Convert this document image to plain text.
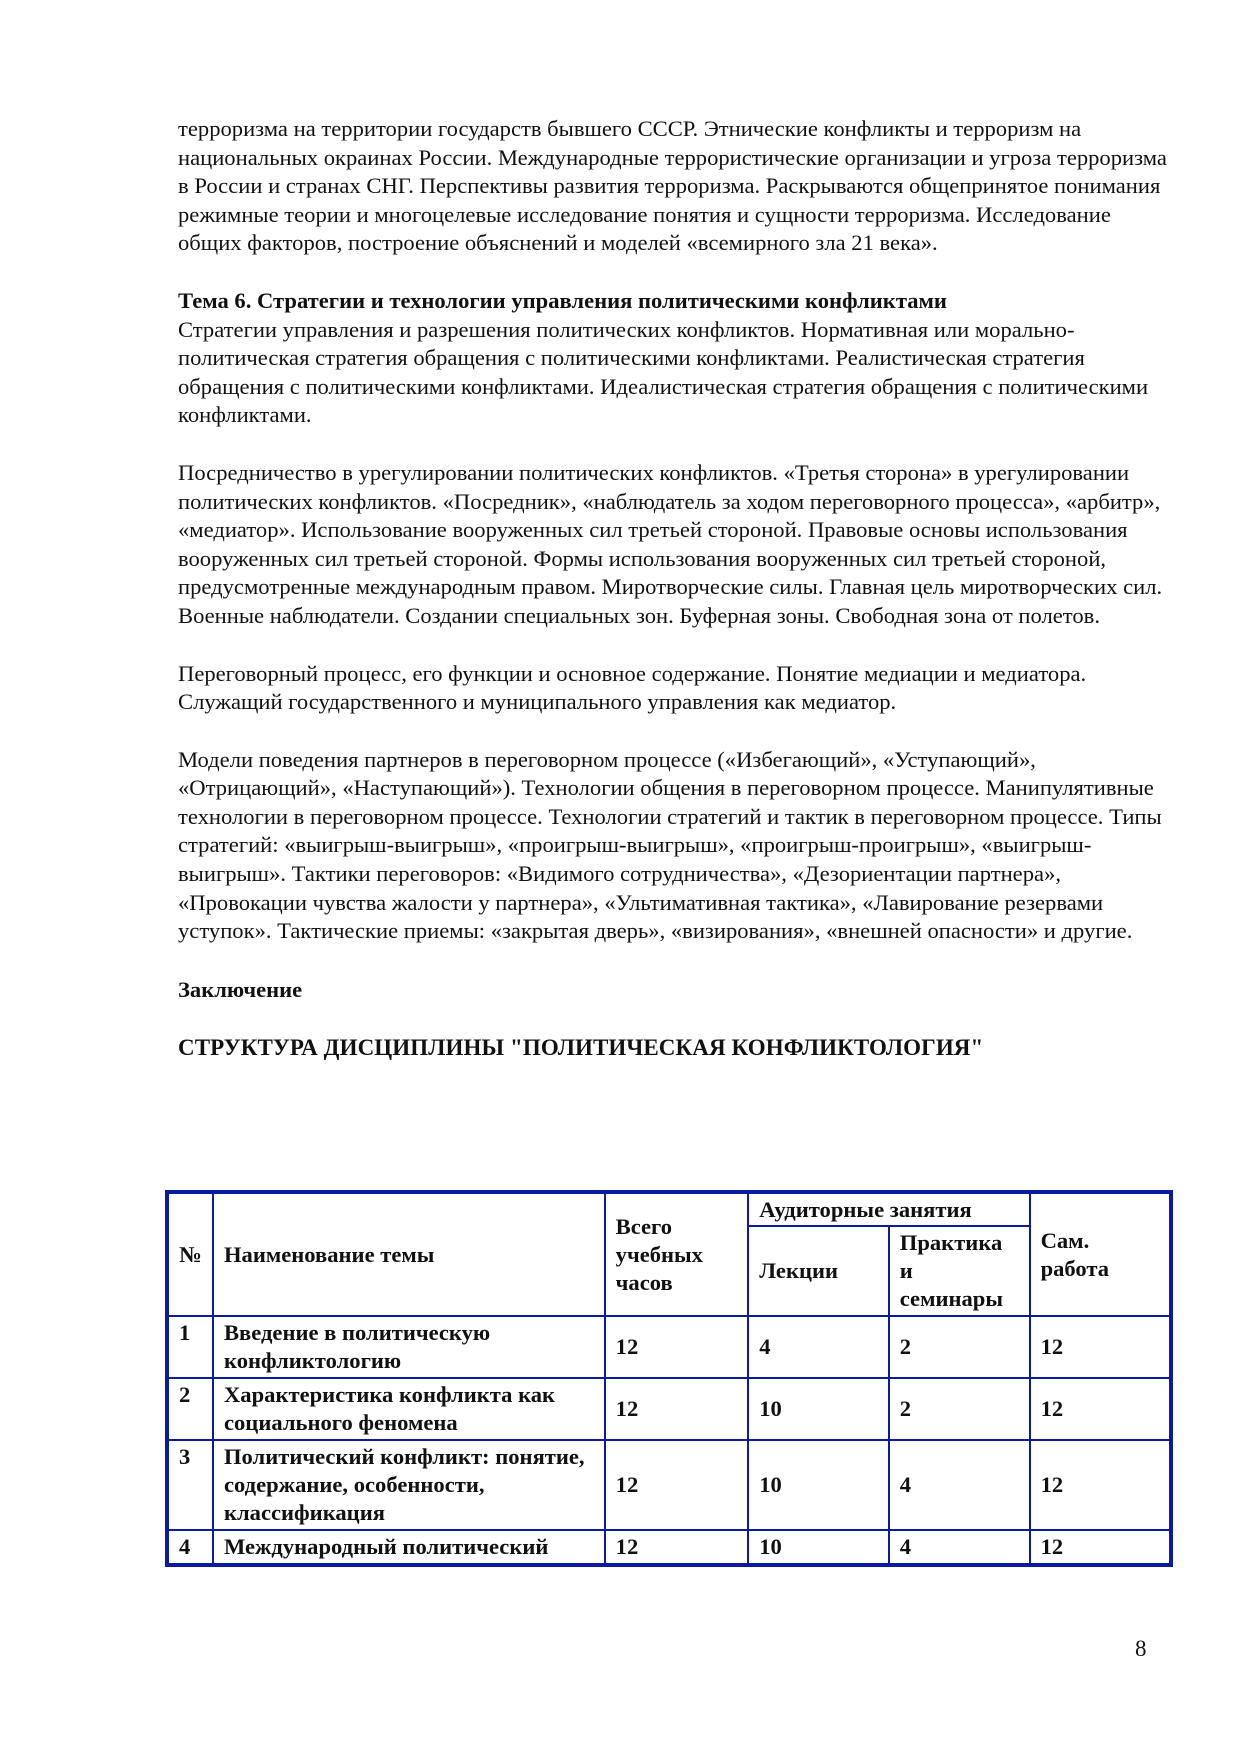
терроризма на территории государств бывшего СССР. Этнические конфликты и терроризм на национальных окраинах России. Международные террористические организации и угроза терроризма в России и странах СНГ. Перспективы развития терроризма. Раскрываются общепринятое понимания режимные теории и многоцелевые исследование понятия и сущности терроризма. Исследование общих факторов, построение объяснений и моделей «всемирного зла 21 века».

Тема 6. Стратегии и технологии управления политическими конфликтами

Стратегии управления и разрешения политических конфликтов. Нормативная или морально-политическая стратегия обращения с политическими конфликтами. Реалистическая стратегия обращения с политическими конфликтами. Идеалистическая стратегия обращения с политическими конфликтами.

Посредничество в урегулировании политических конфликтов. «Третья сторона» в урегулировании политических конфликтов. «Посредник», «наблюдатель за ходом переговорного процесса», «арбитр», «медиатор». Использование вооруженных сил третьей стороной. Правовые основы использования вооруженных сил третьей стороной. Формы использования вооруженных сил третьей стороной, предусмотренные международным правом. Миротворческие силы. Главная цель миротворческих сил. Военные наблюдатели. Создании специальных зон. Буферная зоны. Свободная зона от полетов.

Переговорный процесс, его функции и основное содержание. Понятие медиации и медиатора. Служащий государственного и муниципального управления как медиатор.

Модели поведения партнеров в переговорном процессе («Избегающий», «Уступающий», «Отрицающий», «Наступающий»). Технологии общения в переговорном процессе. Манипулятивные технологии в переговорном процессе. Технологии стратегий и тактик в переговорном процессе. Типы стратегий: «выигрыш-выигрыш», «проигрыш-выигрыш», «проигрыш-проигрыш», «выигрыш-выигрыш». Тактики переговоров: «Видимого сотрудничества», «Дезориентации партнера», «Провокации чувства жалости у партнера», «Ультимативная тактика», «Лавирование резервами уступок». Тактические приемы: «закрытая дверь», «визирования», «внешней опасности» и другие.

Заключение

СТРУКТУРА ДИСЦИПЛИНЫ "ПОЛИТИЧЕСКАЯ КОНФЛИКТОЛОГИЯ"

№	Наименование темы	Всего учебных часов	Аудиторные занятия		Сам. работа
			Лекции	Практика и семинары	
1	Введение в политическую конфликтологию	12	4	2	12
2	Характеристика конфликта как социального феномена	12	10	2	12
3	Политический конфликт: понятие, содержание, особенности, классификация	12	10	4	12
4	Международный политический	12	10	4	12
8
